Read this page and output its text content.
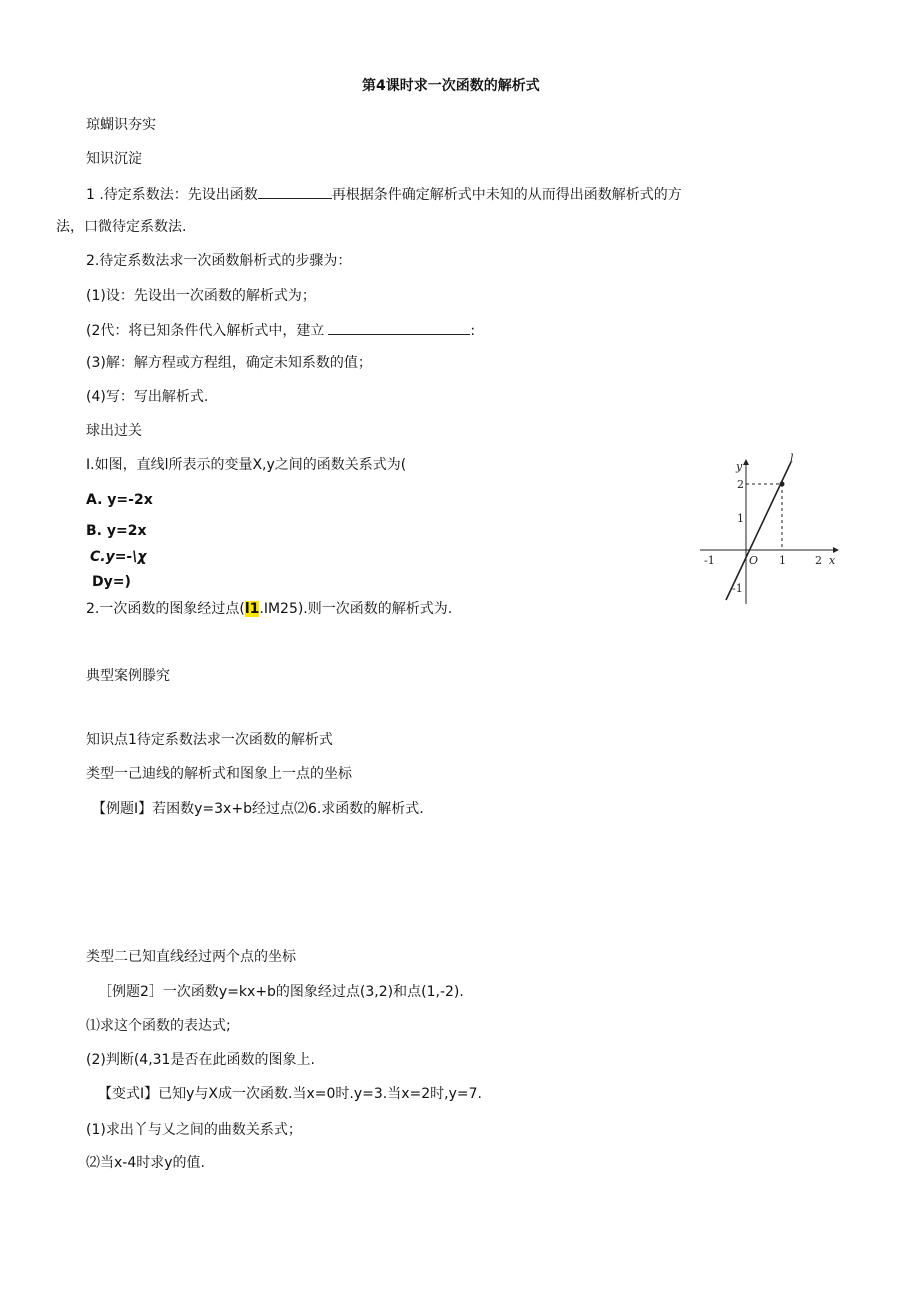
第4课时求一次函数的解析式
琼蝴识夯实
知识沉淀
1 .待定系数法：先设出函数	再根据条件确定解析式中未知的从而得出函数解析式的方
法，口微待定系数法.
2.待定系数法求一次函数斛析式的步骤为：
(1)设：先设出一次函数的解析式为；
(2代：将已知条件代入解析式中，建立	:
(3)解：解方程或方程组，确定未知系数的值；
(4)写：写出解析式.
球出过关
I.如图，直线l所表示的变量X,y之间的函数关系式为(
A. y=-2x
B. y=2x
C.y=-\χ
Dy=)
2.一次函数的图象经过点(l1.IM25).则一次函数的解析式为.
y
l
x
O
2
1
-1
-1	1	2
典型案例滕究
知识点1待定系数法求一次函数的解析式
类型一己迪线的解析式和图象上一点的坐标
【例题I】若困数y=3x+b经过点⑵6.求函数的解析式.
类型二已知直线经过两个点的坐标
［例题2］一次函数y=kx+b的图象经过点(3,2)和点(1,-2).
⑴求这个函数的表达式;
(2)判断(4,31是否在此函数的图象上.
【变式I】已知y与X成一次函数.当x=0时.y=3.当x=2时,y=7.
(1)求出丫与乂之间的曲数关系式；
⑵当x-4时求y的值.
